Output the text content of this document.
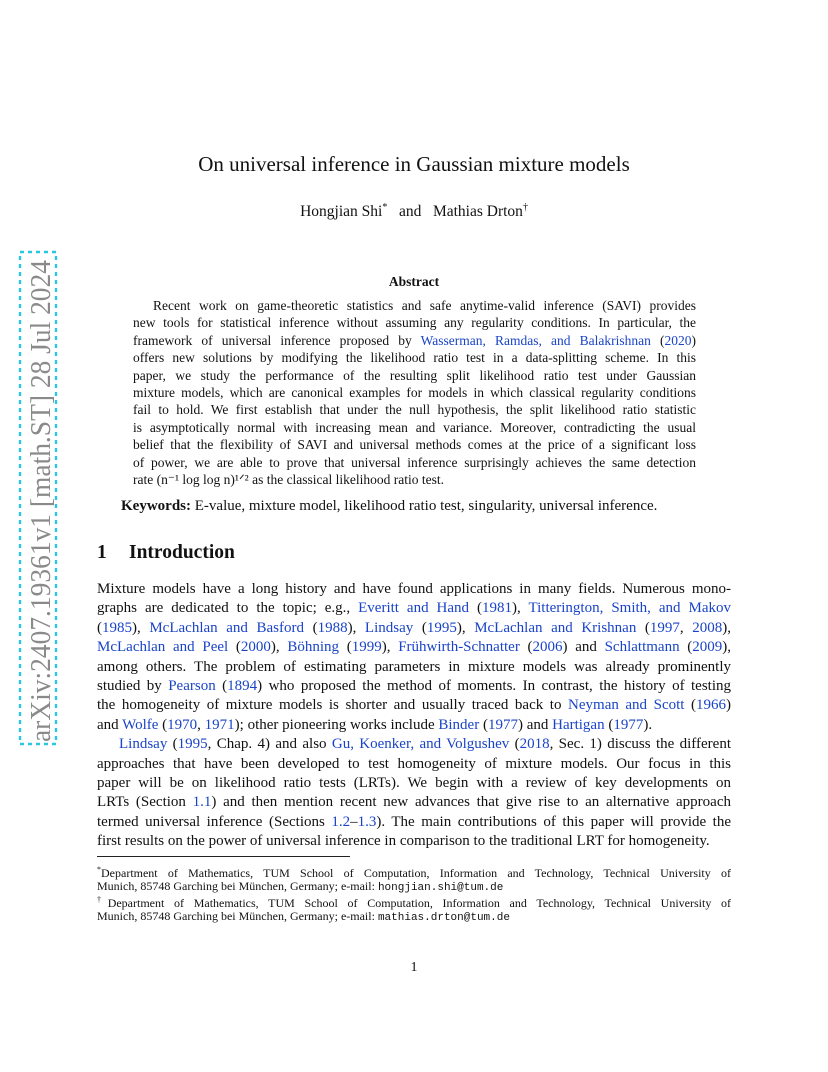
arXiv:2407.19361v1 [math.ST] 28 Jul 2024
On universal inference in Gaussian mixture models
Hongjian Shi* and Mathias Drton†
Abstract
Recent work on game-theoretic statistics and safe anytime-valid inference (SAVI) provides
new tools for statistical inference without assuming any regularity conditions. In particular, the
framework of universal inference proposed by Wasserman, Ramdas, and Balakrishnan (2020)
offers new solutions by modifying the likelihood ratio test in a data-splitting scheme. In this
paper, we study the performance of the resulting split likelihood ratio test under Gaussian
mixture models, which are canonical examples for models in which classical regularity conditions
fail to hold. We first establish that under the null hypothesis, the split likelihood ratio statistic
is asymptotically normal with increasing mean and variance. Moreover, contradicting the usual
belief that the flexibility of SAVI and universal methods comes at the price of a significant loss
of power, we are able to prove that universal inference surprisingly achieves the same detection
rate (n⁻¹ log log n)¹ᐟ² as the classical likelihood ratio test.
Keywords: E-value, mixture model, likelihood ratio test, singularity, universal inference.
1 Introduction
Mixture models have a long history and have found applications in many fields. Numerous mono-
graphs are dedicated to the topic; e.g., Everitt and Hand (1981), Titterington, Smith, and Makov
(1985), McLachlan and Basford (1988), Lindsay (1995), McLachlan and Krishnan (1997, 2008),
McLachlan and Peel (2000), Böhning (1999), Frühwirth-Schnatter (2006) and Schlattmann (2009),
among others. The problem of estimating parameters in mixture models was already prominently
studied by Pearson (1894) who proposed the method of moments. In contrast, the history of testing
the homogeneity of mixture models is shorter and usually traced back to Neyman and Scott (1966)
and Wolfe (1970, 1971); other pioneering works include Binder (1977) and Hartigan (1977).
Lindsay (1995, Chap. 4) and also Gu, Koenker, and Volgushev (2018, Sec. 1) discuss the different
approaches that have been developed to test homogeneity of mixture models. Our focus in this
paper will be on likelihood ratio tests (LRTs). We begin with a review of key developments on
LRTs (Section 1.1) and then mention recent new advances that give rise to an alternative approach
termed universal inference (Sections 1.2–1.3). The main contributions of this paper will provide the
first results on the power of universal inference in comparison to the traditional LRT for homogeneity.
*Department of Mathematics, TUM School of Computation, Information and Technology, Technical University of
Munich, 85748 Garching bei München, Germany; e-mail: hongjian.shi@tum.de
†Department of Mathematics, TUM School of Computation, Information and Technology, Technical University of
Munich, 85748 Garching bei München, Germany; e-mail: mathias.drton@tum.de
1
